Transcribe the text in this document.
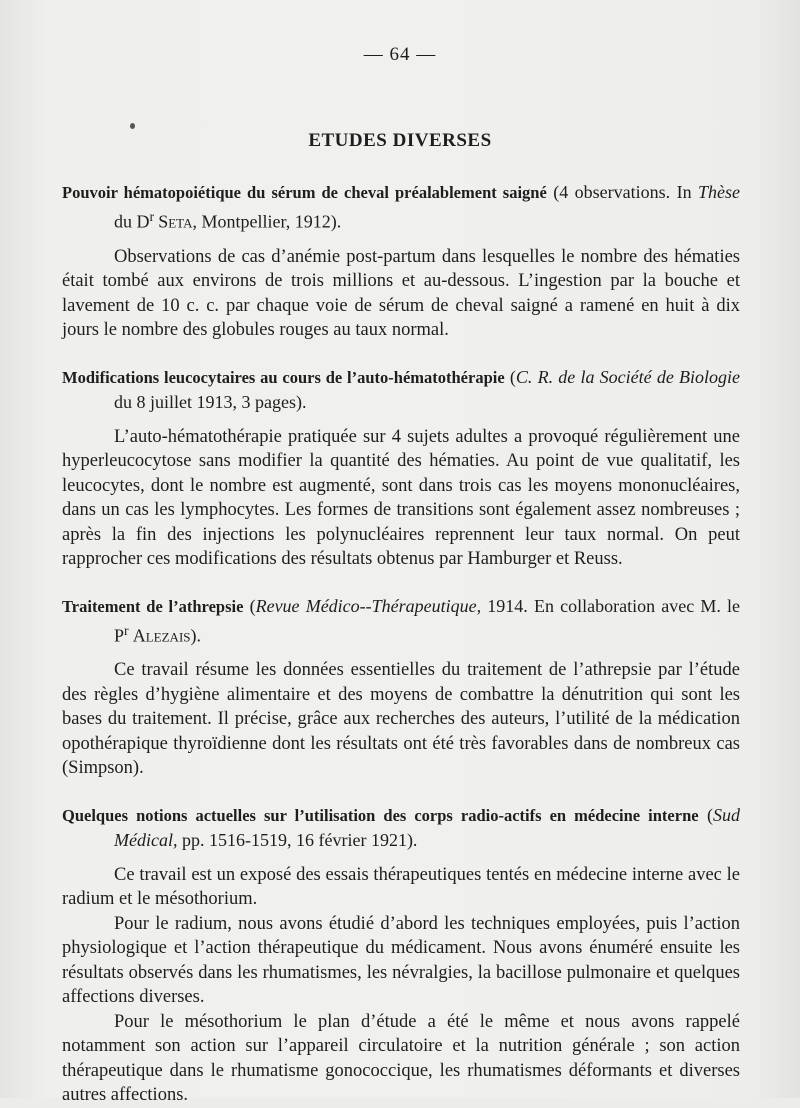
— 64 —
ETUDES DIVERSES

Pouvoir hématopoiétique du sérum de cheval préalablement saigné (4 observations. In Thèse du $D^r$ Seta, Montpellier, 1912).

Observations de cas d’anémie post-partum dans lesquelles le nombre des hématies était tombé aux environs de trois millions et au-dessous. L’ingestion par la bouche et lavement de 10 c. c. par chaque voie de sérum de cheval saigné a ramené en huit à dix jours le nombre des globules rouges au taux normal.

Modifications leucocytaires au cours de l’auto-hématothérapie (C. R. de la Société de Biologie du 8 juillet 1913, 3 pages).

L’auto-hématothérapie pratiquée sur 4 sujets adultes a provoqué régulièrement une hyperleucocytose sans modifier la quantité des hématies. Au point de vue qualitatif, les leucocytes, dont le nombre est augmenté, sont dans trois cas les moyens mononucléaires, dans un cas les lymphocytes. Les formes de transitions sont également assez nombreuses ; après la fin des injections les polynucléaires reprennent leur taux normal. On peut rapprocher ces modifications des résultats obtenus par Hamburger et Reuss.

Traitement de l’athrepsie (Revue Médico--Thérapeutique, 1914. En collaboration avec M. le $P^r$ Alezais).

Ce travail résume les données essentielles du traitement de l’athrepsie par l’étude des règles d’hygiène alimentaire et des moyens de combattre la dénutrition qui sont les bases du traitement. Il précise, grâce aux recherches des auteurs, l’utilité de la médication opothérapique thyroïdienne dont les résultats ont été très favorables dans de nombreux cas (Simpson).

Quelques notions actuelles sur l’utilisation des corps radio-actifs en médecine interne (Sud Médical, pp. 1516-1519, 16 février 1921).

Ce travail est un exposé des essais thérapeutiques tentés en médecine interne avec le radium et le mésothorium.

Pour le radium, nous avons étudié d’abord les techniques employées, puis l’action physiologique et l’action thérapeutique du médicament. Nous avons énuméré ensuite les résultats observés dans les rhumatismes, les névralgies, la bacillose pulmonaire et quelques affections diverses.

Pour le mésothorium le plan d’étude a été le même et nous avons rappelé notamment son action sur l’appareil circulatoire et la nutrition générale ; son action thérapeutique dans le rhumatisme gonococcique, les rhumatismes déformants et diverses autres affections.
